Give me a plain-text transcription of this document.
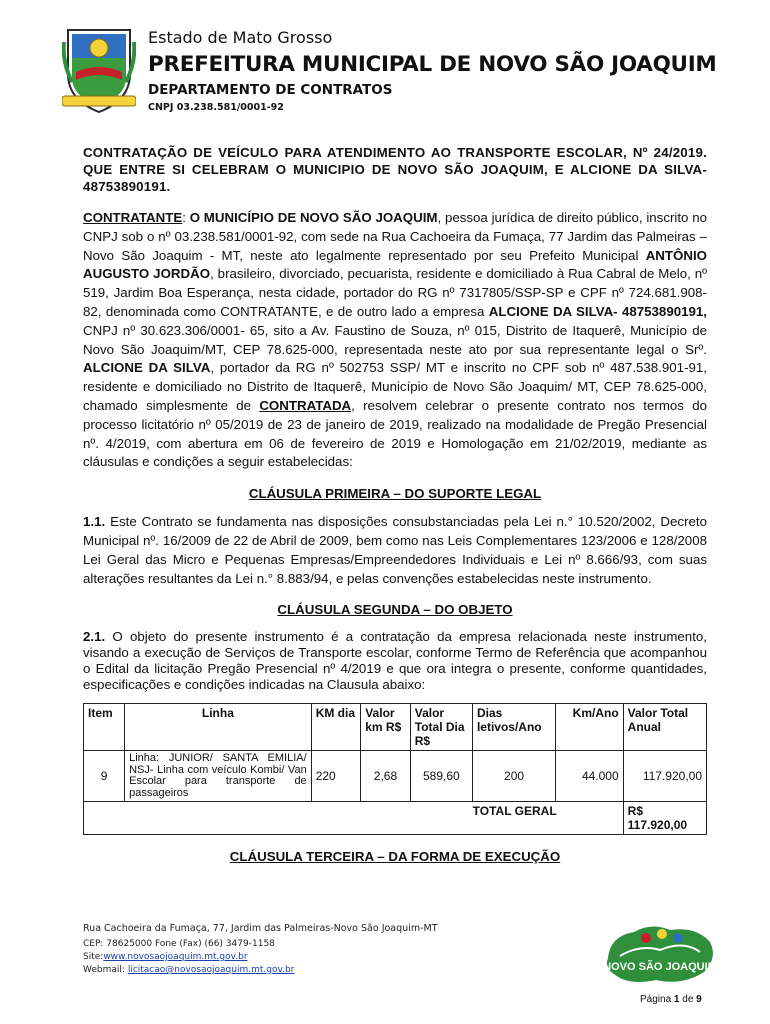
Estado de Mato Grosso
PREFEITURA MUNICIPAL DE NOVO SÃO JOAQUIM
DEPARTAMENTO DE CONTRATOS
CNPJ 03.238.581/0001-92
CONTRATAÇÃO DE VEÍCULO PARA ATENDIMENTO AO TRANSPORTE ESCOLAR, Nº 24/2019. QUE ENTRE SI CELEBRAM O MUNICIPIO DE NOVO SÃO JOAQUIM, E ALCIONE DA SILVA- 48753890191.

CONTRATANTE: O MUNICÍPIO DE NOVO SÃO JOAQUIM, pessoa jurídica de direito público, inscrito no CNPJ sob o nº 03.238.581/0001-92, com sede na Rua Cachoeira da Fumaça, 77 Jardim das Palmeiras – Novo São Joaquim - MT, neste ato legalmente representado por seu Prefeito Municipal ANTÔNIO AUGUSTO JORDÃO, brasileiro, divorciado, pecuarista, residente e domiciliado à Rua Cabral de Melo, nº 519, Jardim Boa Esperança, nesta cidade, portador do RG nº 7317805/SSP-SP e CPF nº 724.681.908-82, denominada como CONTRATANTE, e de outro lado a empresa ALCIONE DA SILVA- 48753890191, CNPJ nº 30.623.306/0001- 65, sito a Av. Faustino de Souza, nº 015, Distrito de Itaquerê, Município de Novo São Joaquim/MT, CEP 78.625-000, representada neste ato por sua representante legal o Srº. ALCIONE DA SILVA, portador da RG nº 502753 SSP/ MT e inscrito no CPF sob nº 487.538.901-91, residente e domiciliado no Distrito de Itaquerê, Município de Novo São Joaquim/ MT, CEP 78.625-000, chamado simplesmente de CONTRATADA, resolvem celebrar o presente contrato nos termos do processo licitatório nº 05/2019 de 23 de janeiro de 2019, realizado na modalidade de Pregão Presencial nº. 4/2019, com abertura em 06 de fevereiro de 2019 e Homologação em 21/02/2019, mediante as cláusulas e condições a seguir estabelecidas:

CLÁUSULA PRIMEIRA – DO SUPORTE LEGAL

1.1. Este Contrato se fundamenta nas disposições consubstanciadas pela Lei n.° 10.520/2002, Decreto Municipal nº. 16/2009 de 22 de Abril de 2009, bem como nas Leis Complementares 123/2006 e 128/2008 Lei Geral das Micro e Pequenas Empresas/Empreendedores Individuais e Lei nº 8.666/93, com suas alterações resultantes da Lei n.° 8.883/94, e pelas convenções estabelecidas neste instrumento.

CLÁUSULA SEGUNDA – DO OBJETO

2.1. O objeto do presente instrumento é a contratação da empresa relacionada neste instrumento, visando a execução de Serviços de Transporte escolar, conforme Termo de Referência que acompanhou o Edital da licitação Pregão Presencial nº 4/2019 e que ora integra o presente, conforme quantidades, especificações e condições indicadas na Clausula abaixo:

Item	Linha	KM dia	Valor km R$	Valor Total Dia R$	Dias letivos/Ano	Km/Ano	Valor Total Anual
9	Linha: JUNIOR/ SANTA EMILIA/ NSJ- Linha com veículo Kombi/ Van Escolar para transporte de passageiros	220	2,68	589,60	200	44.000	117.920,00
TOTAL GERAL							R$ 117.920,00
CLÁUSULA TERCEIRA – DA FORMA DE EXECUÇÃO
Rua Cachoeira da Fumaça, 77, Jardim das Palmeiras-Novo São Joaquim-MT
CEP: 78625000 Fone (Fax) (66) 3479-1158
Site:www.novosaojoaquim.mt.gov.br
Webmail: licitacao@novosaojoaquim.mt.gov.br	NOVO SÃO JOAQUIM
Página 1 de 9
